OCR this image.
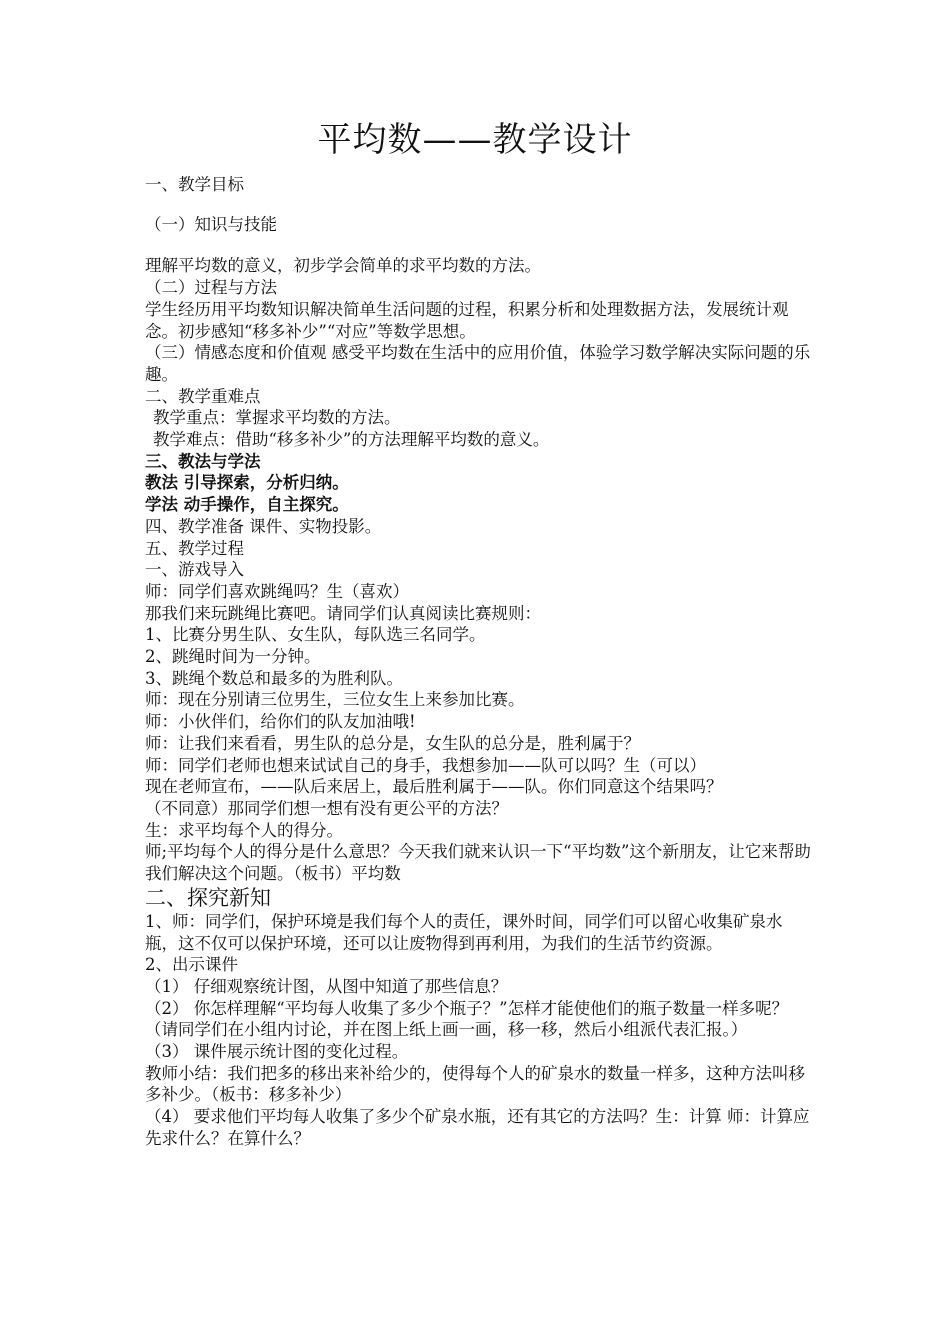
平均数——教学设计

一、教学目标

（一）知识与技能

理解平均数的意义，初步学会简单的求平均数的方法。

（二）过程与方法

学生经历用平均数知识解决简单生活问题的过程，积累分析和处理数据方法，发展统计观念。初步感知“移多补少”“对应”等数学思想。

（三）情感态度和价值观 感受平均数在生活中的应用价值，体验学习数学解决实际问题的乐趣。

二、教学重难点

教学重点：掌握求平均数的方法。

教学难点：借助“移多补少”的方法理解平均数的意义。

三、教法与学法

教法 引导探索，分析归纳。

学法 动手操作，自主探究。

四、教学准备 课件、实物投影。

五、教学过程

一、游戏导入

师：同学们喜欢跳绳吗？生（喜欢）

那我们来玩跳绳比赛吧。请同学们认真阅读比赛规则：

1、比赛分男生队、女生队，每队选三名同学。

2、跳绳时间为一分钟。

3、跳绳个数总和最多的为胜利队。

师：现在分别请三位男生，三位女生上来参加比赛。

师：小伙伴们，给你们的队友加油哦!

师：让我们来看看，男生队的总分是，女生队的总分是，胜利属于？

师：同学们老师也想来试试自己的身手，我想参加——队可以吗？生（可以）

现在老师宣布，——队后来居上，最后胜利属于——队。你们同意这个结果吗？

（不同意）那同学们想一想有没有更公平的方法？

生：求平均每个人的得分。

师;平均每个人的得分是什么意思？今天我们就来认识一下“平均数”这个新朋友，让它来帮助我们解决这个问题。（板书）平均数

二、探究新知

1、师：同学们，保护环境是我们每个人的责任，课外时间，同学们可以留心收集矿泉水瓶，这不仅可以保护环境，还可以让废物得到再利用，为我们的生活节约资源。

2、出示课件

（1） 仔细观察统计图，从图中知道了那些信息？

（2） 你怎样理解“平均每人收集了多少个瓶子？”怎样才能使他们的瓶子数量一样多呢？（请同学们在小组内讨论，并在图上纸上画一画，移一移，然后小组派代表汇报。）

（3） 课件展示统计图的变化过程。

教师小结：我们把多的移出来补给少的，使得每个人的矿泉水的数量一样多，这种方法叫移多补少。（板书：移多补少）

（4） 要求他们平均每人收集了多少个矿泉水瓶，还有其它的方法吗？生：计算 师：计算应先求什么？在算什么？
